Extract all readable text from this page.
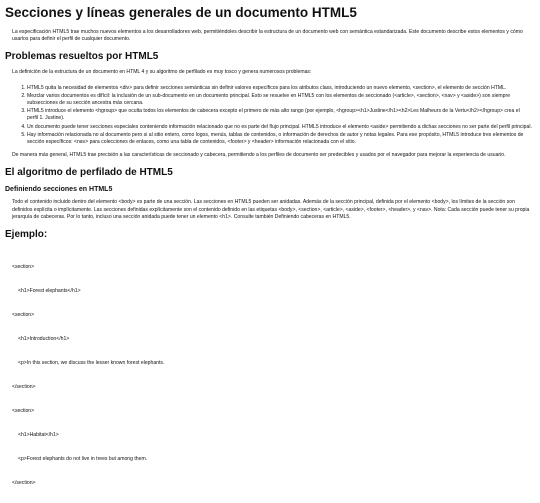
Secciones y líneas generales de un documento HTML5

La especificación HTML5 trae muchos nuevos elementos a los desarrolladores web, permitiéndoles describir la estructura de un documento web con semántica estandarizada. Este documento describe estos elementos y cómo usarlos para definir el perfil de cualquier documento.

Problemas resueltos por HTML5

La definición de la estructura de un documento en HTML 4 y su algoritmo de perfilado es muy tosco y genera numerosos problemas:

1. HTML5 quita la necesidad de elementos <div> para definir secciones semánticas sin definir valores específicos para los atributos class, introduciendo un nuevo elemento, <section>, el elemento de sección HTML.
2. Mezclar varios documentos es difícil: la inclusión de un sub-documento en un documento principal. Esto se resuelve en HTML5 con los elementos de seccionado (<article>, <section>, <nav> y <aside>) son siempre subsecciones de su sección ancestra más cercana.
3. HTML5 introduce el elemento <hgroup> que oculta todos los elementos de cabecera excepto el primero de más alto rango (por ejemplo, <hgroup><h1>Justine</h1><h2>Les Malheurs de la Vertu</h2></hgroup> crea el perfil 1. Justine).
4. Un documento puede tener secciones especiales conteniendo información relacionado que no es parte del flujo principal. HTML5 introduce el elemento <aside> permitiendo a dichas secciones no ser parte del perfil principal.
5. Hay información relacionada no al documento pero si al sitio entero, como logos, menús, tablas de contenidos, o información de derechos de autor y notas legales. Para ese propósito, HTML5 introduce tres elementos de sección específicos: <nav> para colecciones de enlaces, como una tabla de contenidos, <footer> y <header> información relacionada con el sitio.

De manera más general, HTML5 trae precisión a las características de seccionado y cabecera, permitiendo a los perfiles de documento ser predecibles y usados por el navegador para mejorar la experiencia de usuario.

El algoritmo de perfilado de HTML5
Definiendo secciones en HTML5

Todo el contenido incluido dentro del elemento <body> es parte de una sección. Las secciones en HTML5 pueden ser anidadas. Además de la sección principal, definida por el elemento <body>, los límites de la sección son definidos explícita o implícitamente. Las secciones definidas explícitamente son el contenido definido en las etiquetas <body>, <section>, <article>, <aside>, <footer>, <header>, y <nav>. Nota: Cada sección puede tener su propia jerarquía de cabeceras. Por lo tanto, incluso una sección anidada puede tener un elemento <h1>. Consulte también Definiendo cabeceras en HTML5.

Ejemplo:

<section>

<h1>Forest elephants</h1>

<section>

<h1>Introduction</h1>

<p>In this section, we discuss the lesser known forest elephants.

</section>

<section>

<h1>Habitat</h1>

<p>Forest elephants do not live in trees but among them.

</section>
